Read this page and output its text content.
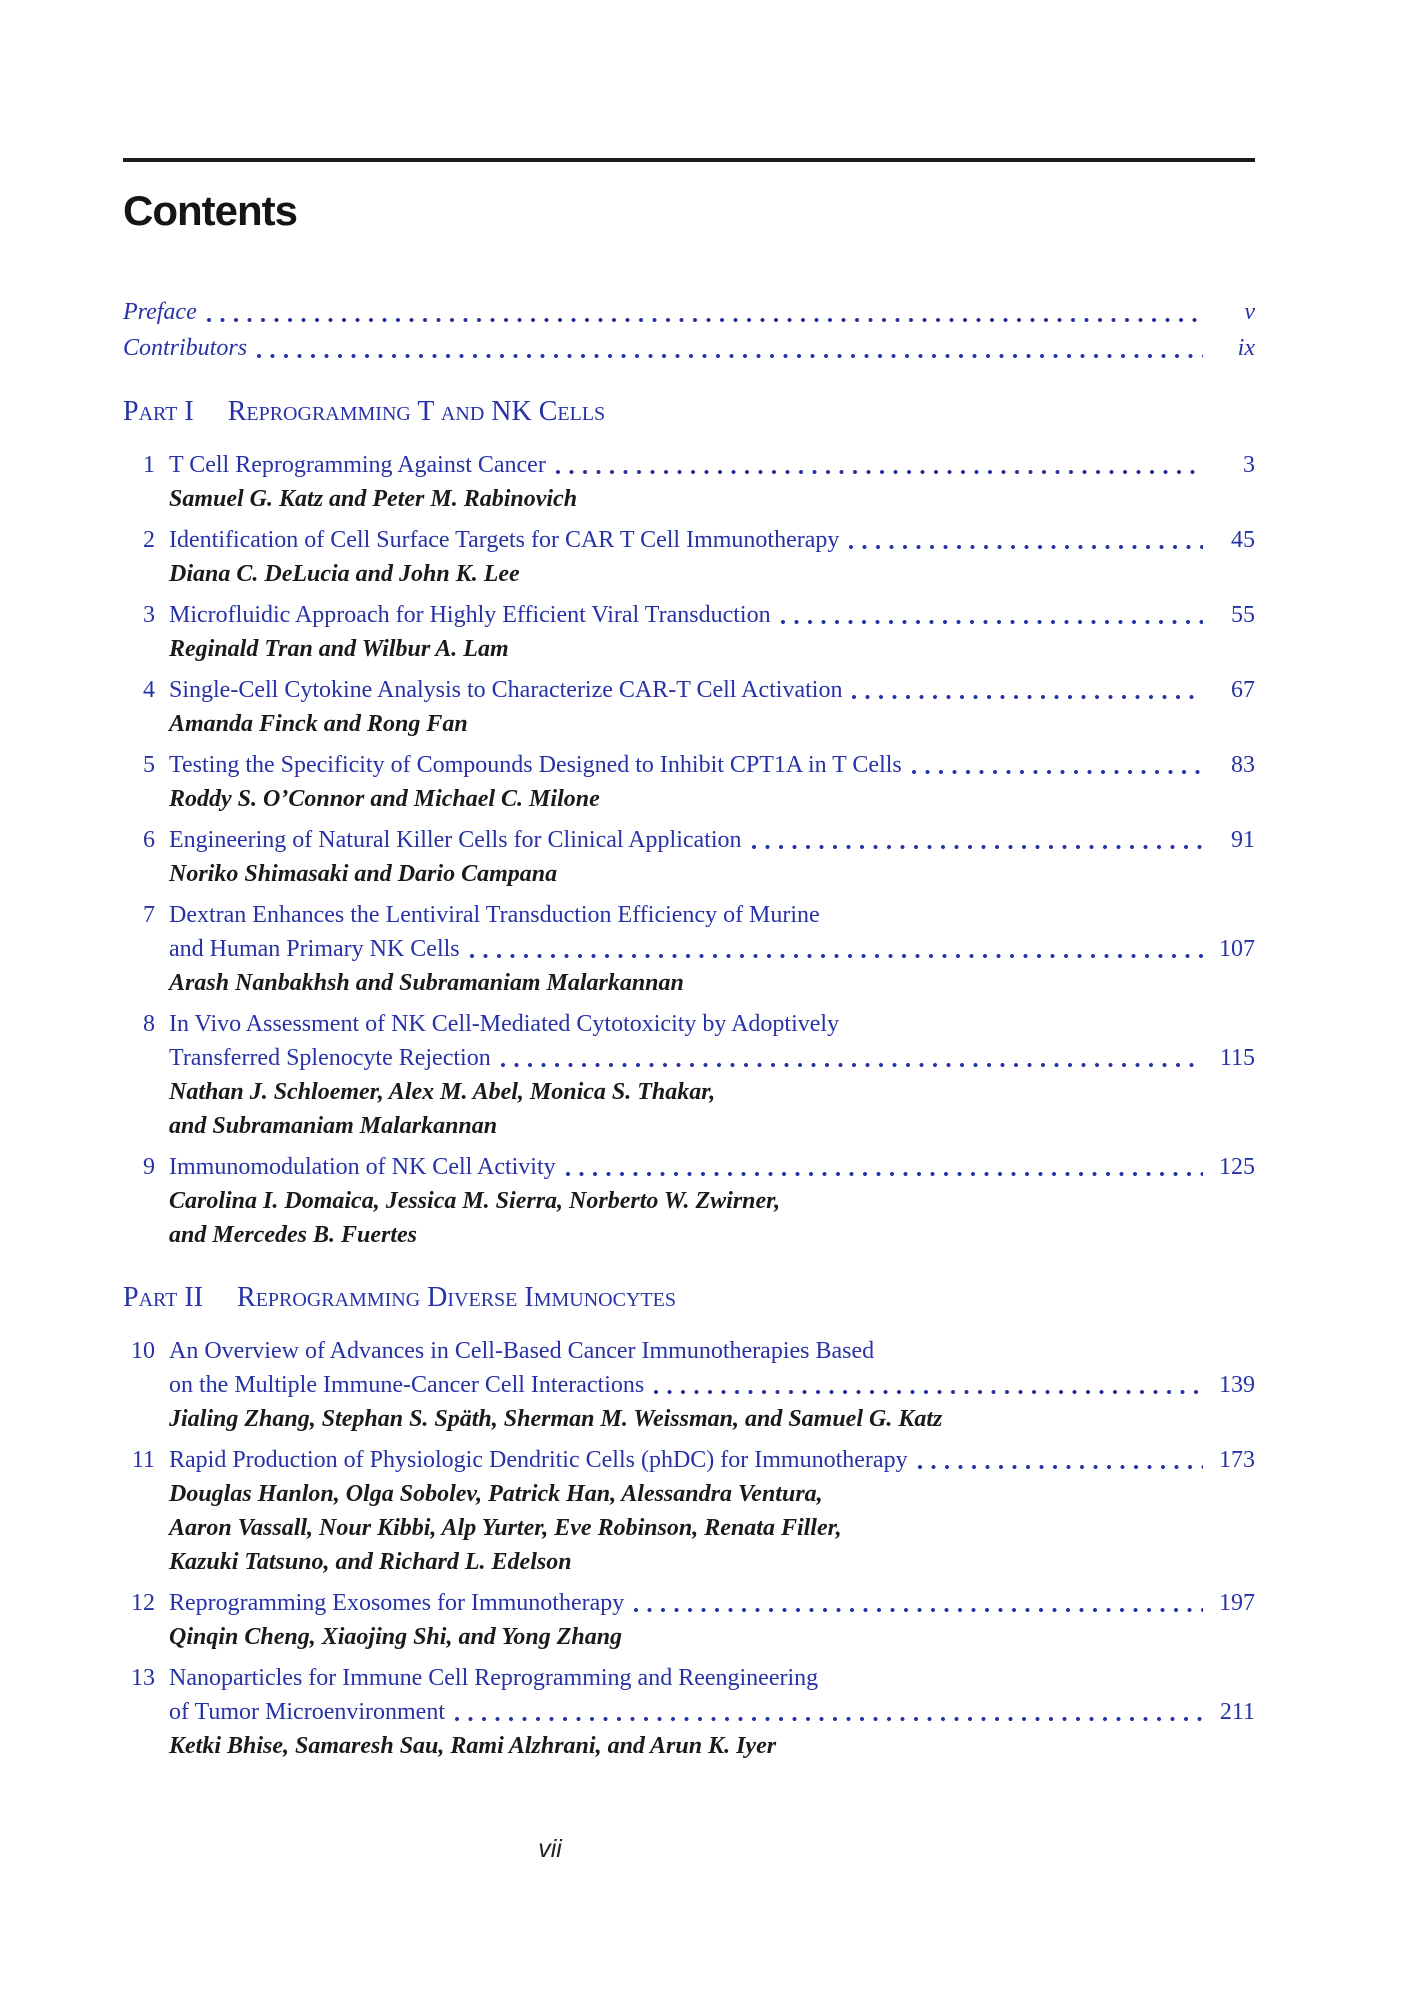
Contents
Preface	v
Contributors	ix
Part I Reprogramming T and NK Cells
1 T Cell Reprogramming Against Cancer	3
Samuel G. Katz and Peter M. Rabinovich
2 Identification of Cell Surface Targets for CAR T Cell Immunotherapy	45
Diana C. DeLucia and John K. Lee
3 Microfluidic Approach for Highly Efficient Viral Transduction	55
Reginald Tran and Wilbur A. Lam
4 Single-Cell Cytokine Analysis to Characterize CAR-T Cell Activation	67
Amanda Finck and Rong Fan
5 Testing the Specificity of Compounds Designed to Inhibit CPT1A in T Cells	83
Roddy S. O’Connor and Michael C. Milone
6 Engineering of Natural Killer Cells for Clinical Application	91
Noriko Shimasaki and Dario Campana
7 Dextran Enhances the Lentiviral Transduction Efficiency of Murine
and Human Primary NK Cells	107
Arash Nanbakhsh and Subramaniam Malarkannan
8 In Vivo Assessment of NK Cell-Mediated Cytotoxicity by Adoptively
Transferred Splenocyte Rejection	115
Nathan J. Schloemer, Alex M. Abel, Monica S. Thakar,
and Subramaniam Malarkannan
9 Immunomodulation of NK Cell Activity	125
Carolina I. Domaica, Jessica M. Sierra, Norberto W. Zwirner,
and Mercedes B. Fuertes
Part II Reprogramming Diverse Immunocytes
10 An Overview of Advances in Cell-Based Cancer Immunotherapies Based
on the Multiple Immune-Cancer Cell Interactions	139
Jialing Zhang, Stephan S. Späth, Sherman M. Weissman, and Samuel G. Katz
11 Rapid Production of Physiologic Dendritic Cells (phDC) for Immunotherapy	173
Douglas Hanlon, Olga Sobolev, Patrick Han, Alessandra Ventura,
Aaron Vassall, Nour Kibbi, Alp Yurter, Eve Robinson, Renata Filler,
Kazuki Tatsuno, and Richard L. Edelson
12 Reprogramming Exosomes for Immunotherapy	197
Qinqin Cheng, Xiaojing Shi, and Yong Zhang
13 Nanoparticles for Immune Cell Reprogramming and Reengineering
of Tumor Microenvironment	211
Ketki Bhise, Samaresh Sau, Rami Alzhrani, and Arun K. Iyer
vii
